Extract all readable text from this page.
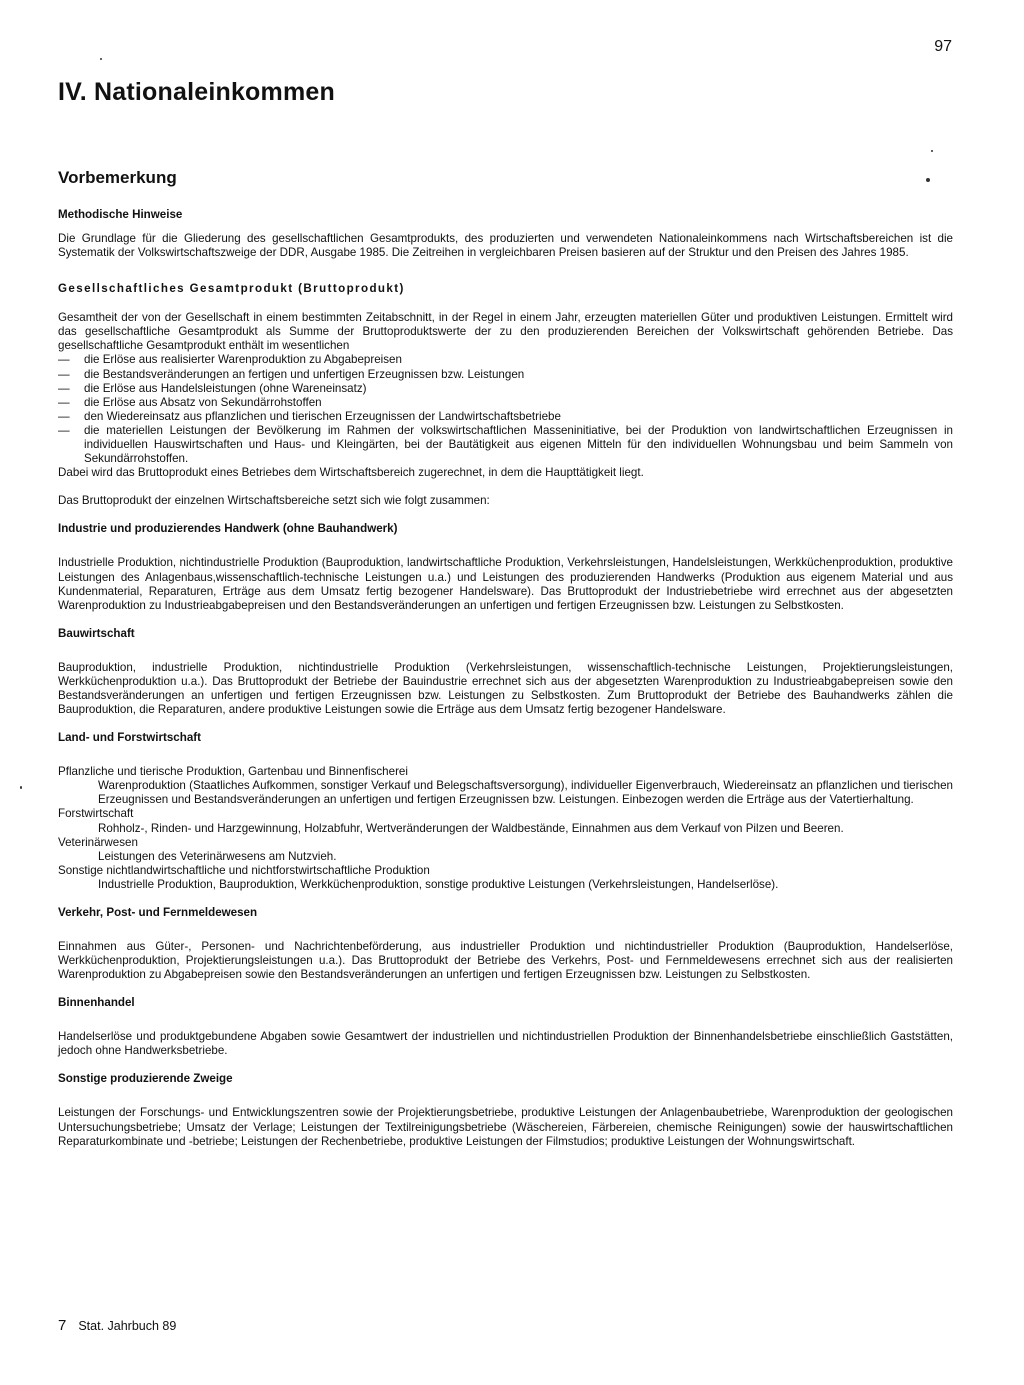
97
IV. Nationaleinkommen
Vorbemerkung
Methodische Hinweise

Die Grundlage für die Gliederung des gesellschaftlichen Gesamtprodukts, des produzierten und verwendeten Nationaleinkommens nach Wirtschaftsbereichen ist die Systematik der Volkswirtschaftszweige der DDR, Ausgabe 1985. Die Zeitreihen in vergleichbaren Preisen basieren auf der Struktur und den Preisen des Jahres 1985.

Gesellschaftliches Gesamtprodukt (Bruttoprodukt)

Gesamtheit der von der Gesellschaft in einem bestimmten Zeitabschnitt, in der Regel in einem Jahr, erzeugten materiellen Güter und produktiven Leistungen. Ermittelt wird das gesellschaftliche Gesamtprodukt als Summe der Bruttoproduktswerte der zu den produzierenden Bereichen der Volkswirtschaft gehörenden Betriebe. Das gesellschaftliche Gesamtprodukt enthält im wesentlichen

— die Erlöse aus realisierter Warenproduktion zu Abgabepreisen
— die Bestandsveränderungen an fertigen und unfertigen Erzeugnissen bzw. Leistungen
— die Erlöse aus Handelsleistungen (ohne Wareneinsatz)
— die Erlöse aus Absatz von Sekundärrohstoffen
— den Wiedereinsatz aus pflanzlichen und tierischen Erzeugnissen der Landwirtschaftsbetriebe
— die materiellen Leistungen der Bevölkerung im Rahmen der volkswirtschaftlichen Masseninitiative, bei der Produktion von landwirtschaftlichen Erzeugnissen in individuellen Hauswirtschaften und Haus- und Kleingärten, bei der Bautätigkeit aus eigenen Mitteln für den individuellen Wohnungsbau und beim Sammeln von Sekundärrohstoffen.

Dabei wird das Bruttoprodukt eines Betriebes dem Wirtschaftsbereich zugerechnet, in dem die Haupttätigkeit liegt.

Das Bruttoprodukt der einzelnen Wirtschaftsbereiche setzt sich wie folgt zusammen:

Industrie und produzierendes Handwerk (ohne Bauhandwerk)

Industrielle Produktion, nichtindustrielle Produktion (Bauproduktion, landwirtschaftliche Produktion, Verkehrsleistungen, Handelsleistungen, Werkküchenproduktion, produktive Leistungen des Anlagenbaus,wissenschaftlich-technische Leistungen u.a.) und Leistungen des produzierenden Handwerks (Produktion aus eigenem Material und aus Kundenmaterial, Reparaturen, Erträge aus dem Umsatz fertig bezogener Handelsware). Das Bruttoprodukt der Industriebetriebe wird errechnet aus der abgesetzten Warenproduktion zu Industrieabgabepreisen und den Bestandsveränderungen an unfertigen und fertigen Erzeugnissen bzw. Leistungen zu Selbstkosten.

Bauwirtschaft

Bauproduktion, industrielle Produktion, nichtindustrielle Produktion (Verkehrsleistungen, wissenschaftlich-technische Leistungen, Projektierungsleistungen, Werkküchenproduktion u.a.). Das Bruttoprodukt der Betriebe der Bauindustrie errechnet sich aus der abgesetzten Warenproduktion zu Industrieabgabepreisen sowie den Bestandsveränderungen an unfertigen und fertigen Erzeugnissen bzw. Leistungen zu Selbstkosten. Zum Bruttoprodukt der Betriebe des Bauhandwerks zählen die Bauproduktion, die Reparaturen, andere produktive Leistungen sowie die Erträge aus dem Umsatz fertig bezogener Handelsware.

Land- und Forstwirtschaft

Pflanzliche und tierische Produktion, Gartenbau und Binnenfischerei

Warenproduktion (Staatliches Aufkommen, sonstiger Verkauf und Belegschaftsversorgung), individueller Eigenverbrauch, Wiedereinsatz an pflanzlichen und tierischen Erzeugnissen und Bestandsveränderungen an unfertigen und fertigen Erzeugnissen bzw. Leistungen. Einbezogen werden die Erträge aus der Vatertierhaltung.

Forstwirtschaft

Rohholz-, Rinden- und Harzgewinnung, Holzabfuhr, Wertveränderungen der Waldbestände, Einnahmen aus dem Verkauf von Pilzen und Beeren.

Veterinärwesen

Leistungen des Veterinärwesens am Nutzvieh.

Sonstige nichtlandwirtschaftliche und nichtforstwirtschaftliche Produktion

Industrielle Produktion, Bauproduktion, Werkküchenproduktion, sonstige produktive Leistungen (Verkehrsleistungen, Handelserlöse).

Verkehr, Post- und Fernmeldewesen

Einnahmen aus Güter-, Personen- und Nachrichtenbeförderung, aus industrieller Produktion und nichtindustrieller Produktion (Bauproduktion, Handelserlöse, Werkküchenproduktion, Projektierungsleistungen u.a.). Das Bruttoprodukt der Betriebe des Verkehrs, Post- und Fernmeldewesens errechnet sich aus der realisierten Warenproduktion zu Abgabepreisen sowie den Bestandsveränderungen an unfertigen und fertigen Erzeugnissen bzw. Leistungen zu Selbstkosten.

Binnenhandel

Handelserlöse und produktgebundene Abgaben sowie Gesamtwert der industriellen und nichtindustriellen Produktion der Binnenhandelsbetriebe einschließlich Gaststätten, jedoch ohne Handwerksbetriebe.

Sonstige produzierende Zweige

Leistungen der Forschungs- und Entwicklungszentren sowie der Projektierungsbetriebe, produktive Leistungen der Anlagenbaubetriebe, Warenproduktion der geologischen Untersuchungsbetriebe; Umsatz der Verlage; Leistungen der Textilreinigungsbetriebe (Wäschereien, Färbereien, chemische Reinigungen) sowie der hauswirtschaftlichen Reparaturkombinate und -betriebe; Leistungen der Rechenbetriebe, produktive Leistungen der Filmstudios; produktive Leistungen der Wohnungswirtschaft.

7 Stat. Jahrbuch 89
